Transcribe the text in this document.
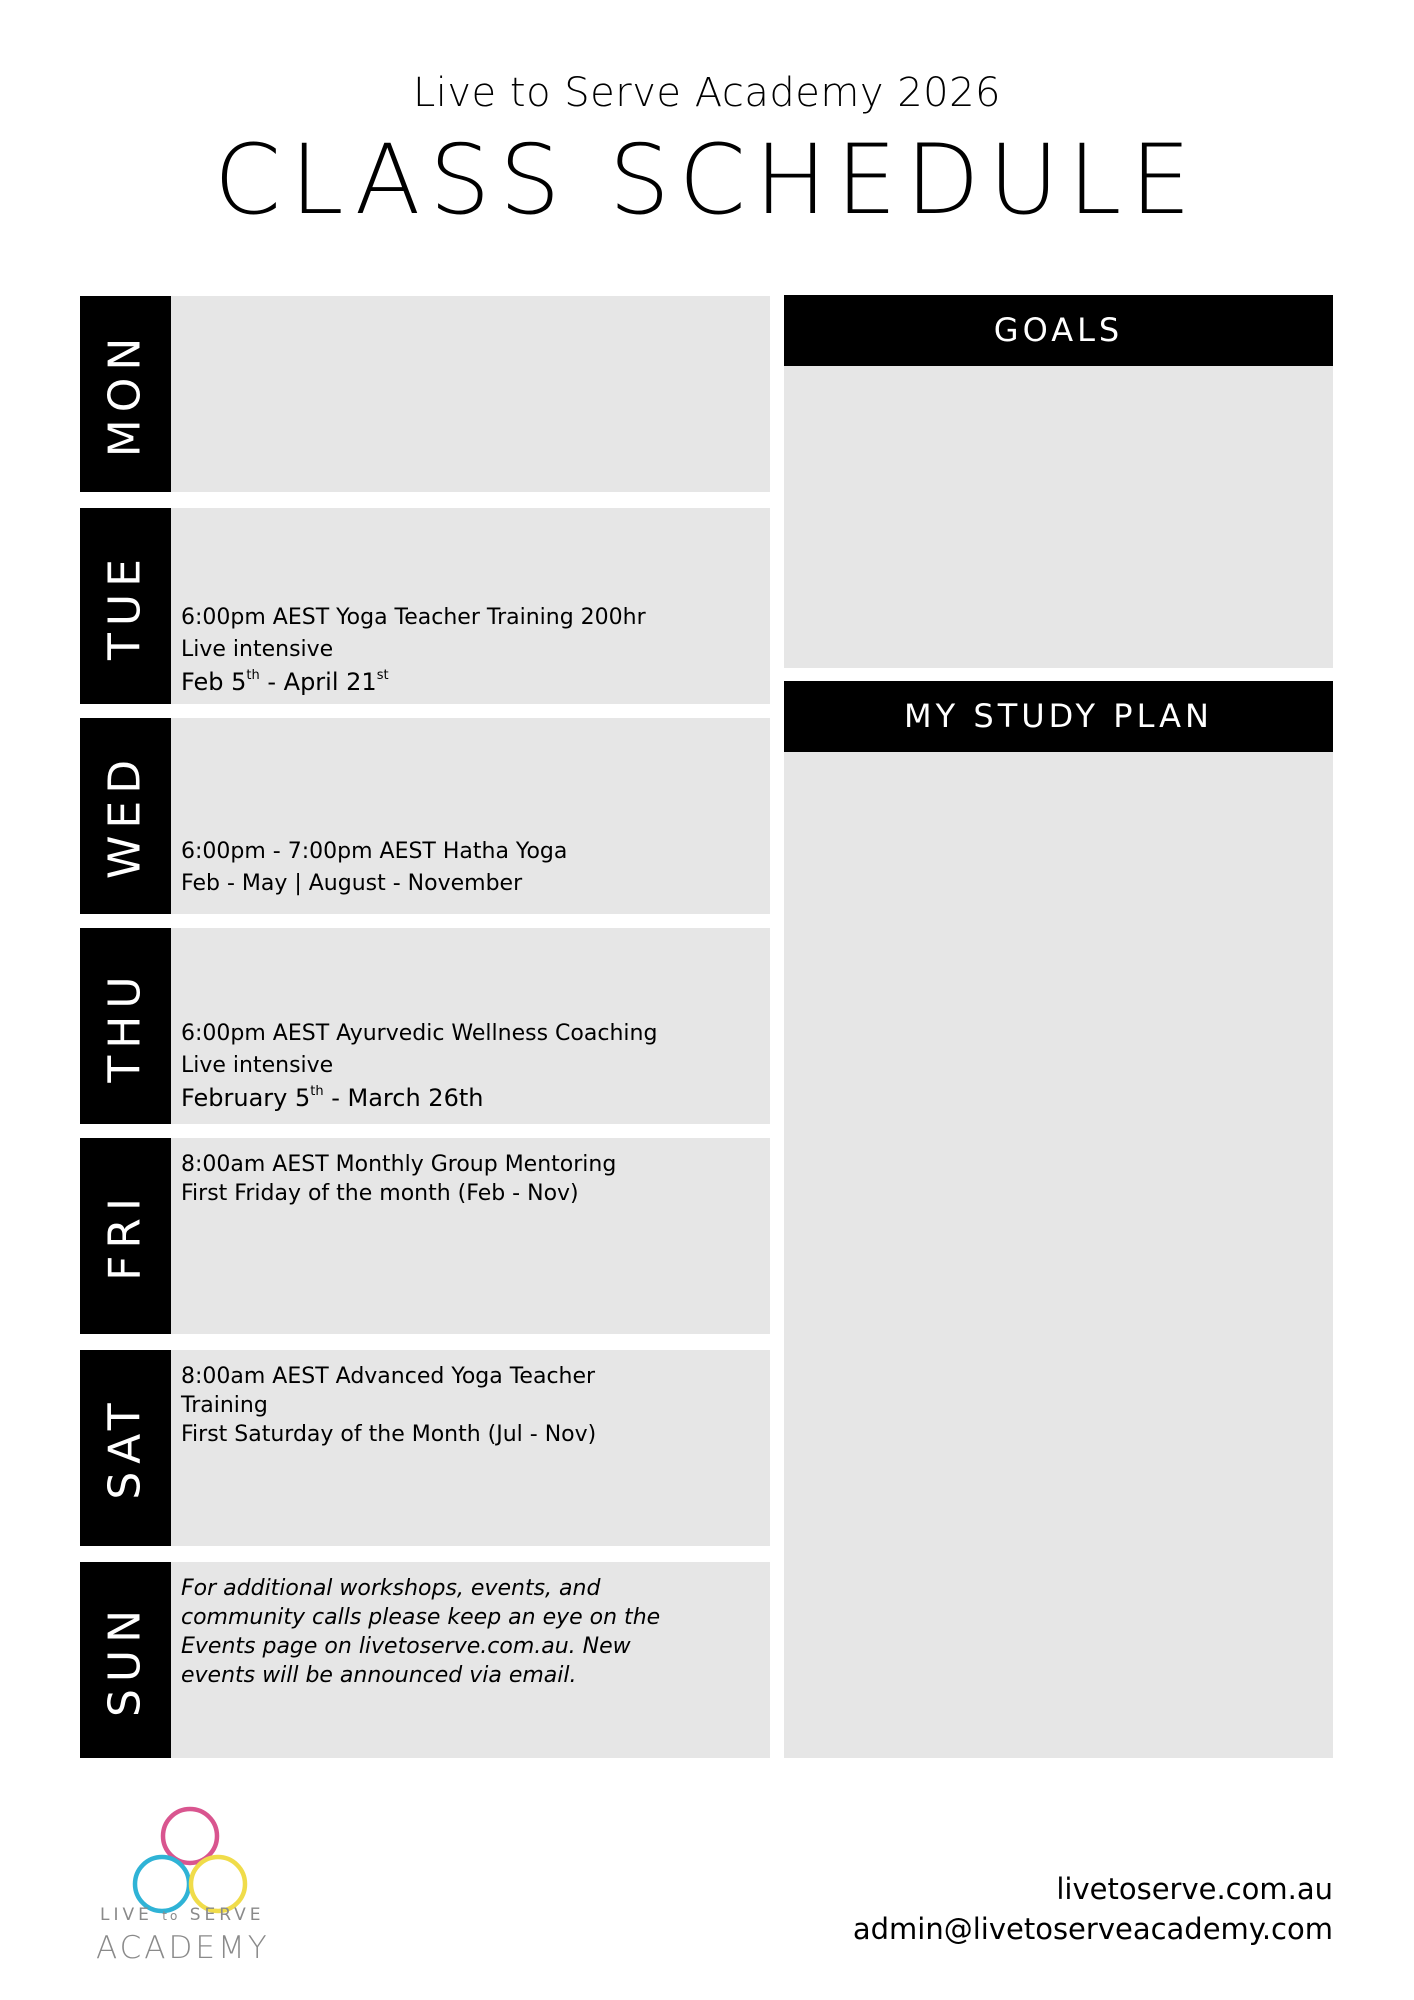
Live to Serve Academy 2026
CLASS SCHEDULE
MON
TUE 6:00pm AEST Yoga Teacher Training 200hr
Live intensive
Feb 5th - April 21st
WED 6:00pm - 7:00pm AEST Hatha Yoga
Feb - May | August - November
THU 6:00pm AEST Ayurvedic Wellness Coaching
Live intensive
February 5th - March 26th
FRI
8:00am AEST Monthly Group Mentoring
First Friday of the month (Feb - Nov)
SAT
8:00am AEST Advanced Yoga Teacher
Training
First Saturday of the Month (Jul - Nov)
SUN
For additional workshops, events, and
community calls please keep an eye on the
Events page on livetoserve.com.au. New
events will be announced via email.
GOALS
MY STUDY PLAN
LIVE to SERVE
ACADEMY
livetoserve.com.au
admin@livetoserveacademy.com
